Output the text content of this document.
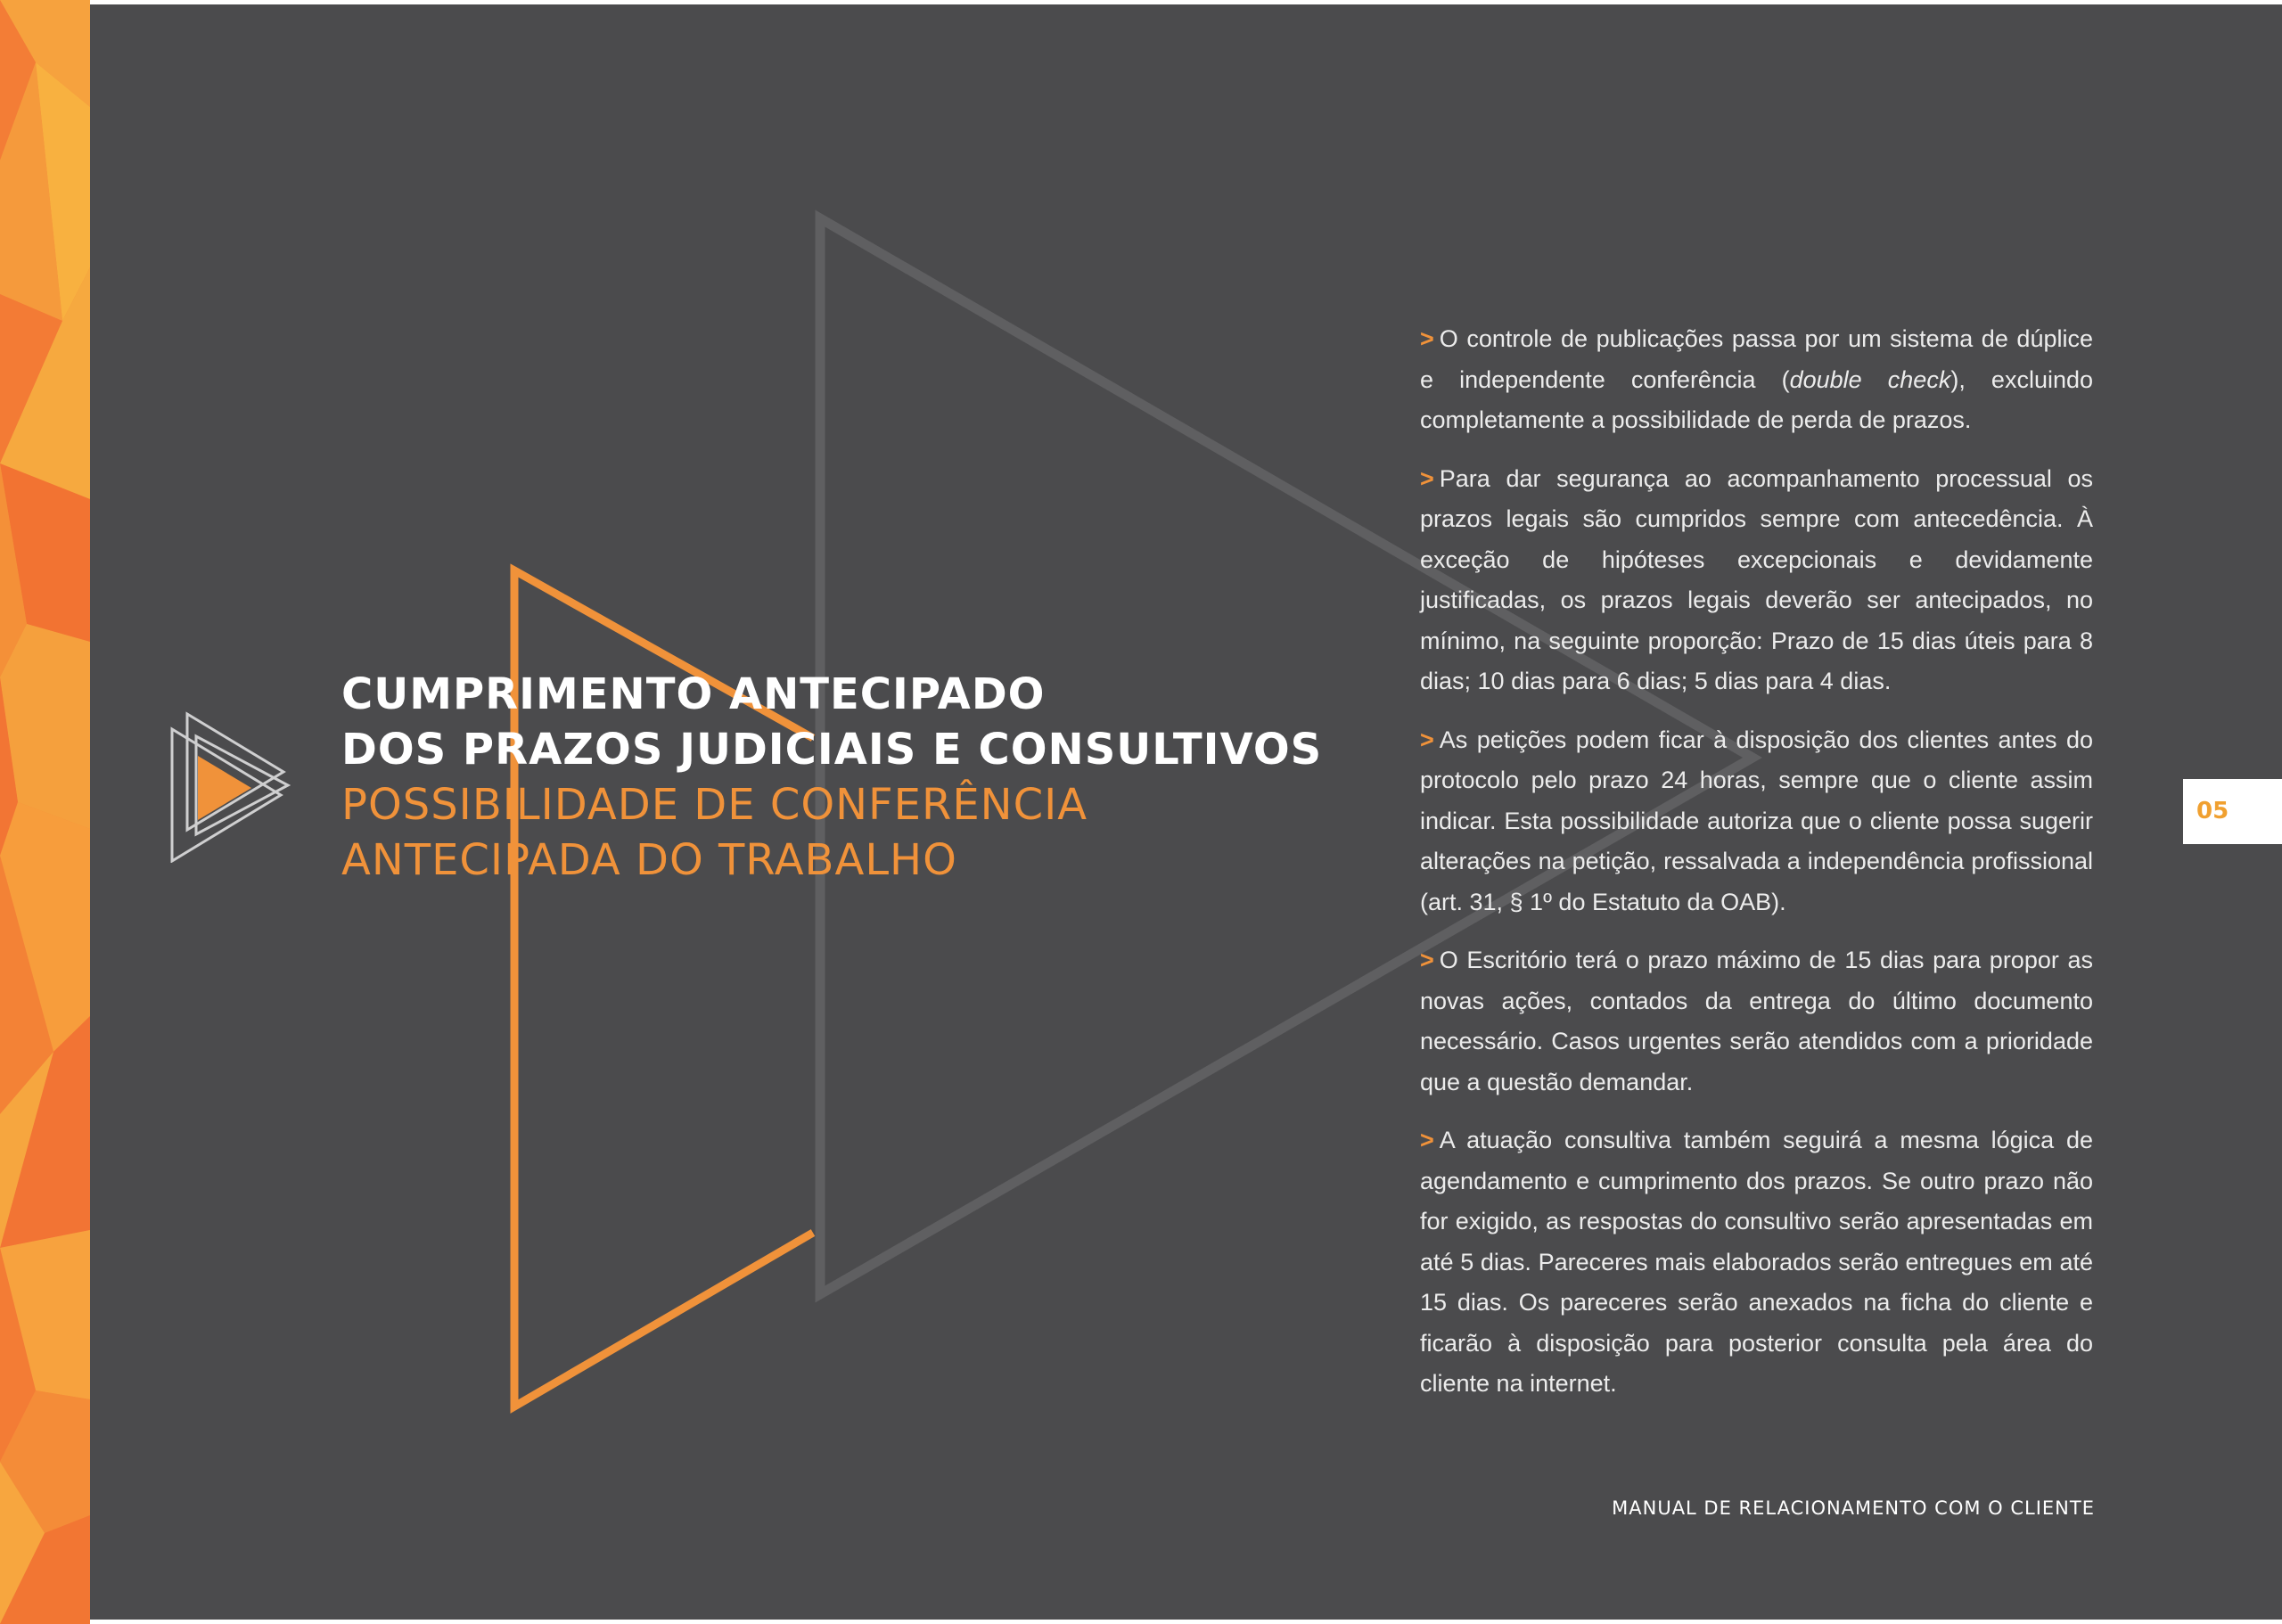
CUMPRIMENTO ANTECIPADO
DOS PRAZOS JUDICIAIS E CONSULTIVOS
POSSIBILIDADE DE CONFERÊNCIA
ANTECIPADA DO TRABALHO

> O controle de publicações passa por um sistema de dúplice e independente conferência (double check), excluindo completamente a possibilidade de perda de prazos.

> Para dar segurança ao acompanhamento processual os prazos legais são cumpridos sempre com antecedência. À exceção de hipóteses excepcionais e devidamente justificadas, os prazos legais deverão ser antecipados, no mínimo, na seguinte proporção: Prazo de 15 dias úteis para 8 dias; 10 dias para 6 dias; 5 dias para 4 dias.

> As petições podem ficar à disposição dos clientes antes do protocolo pelo prazo 24 horas, sempre que o cliente assim indicar. Esta possibilidade autoriza que o cliente possa sugerir alterações na petição, ressalvada a independência profissional (art. 31, § 1º do Estatuto da OAB).

> O Escritório terá o prazo máximo de 15 dias para propor as novas ações, contados da entrega do último documento necessário. Casos urgentes serão atendidos com a prioridade que a questão demandar.

> A atuação consultiva também seguirá a mesma lógica de agendamento e cumprimento dos prazos. Se outro prazo não for exigido, as respostas do consultivo serão apresentadas em até 5 dias. Pareceres mais elaborados serão entregues em até 15 dias. Os pareceres serão anexados na ficha do cliente e ficarão à disposição para posterior consulta pela área do cliente na internet.

05
MANUAL DE RELACIONAMENTO COM O CLIENTE
